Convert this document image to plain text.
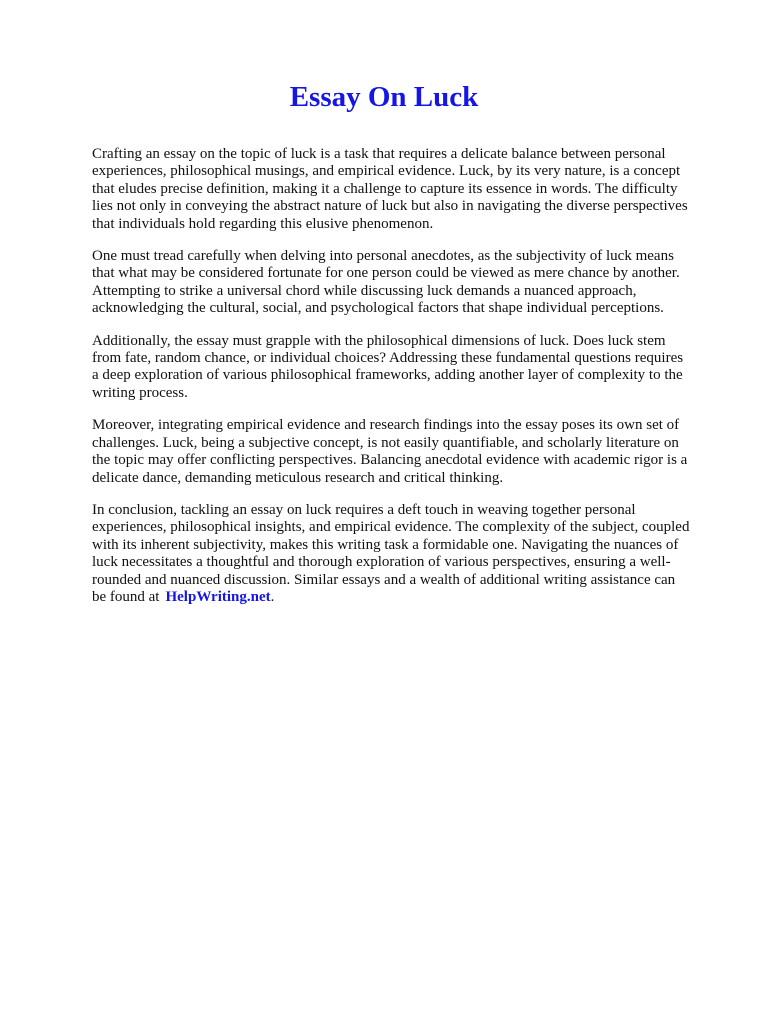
Essay On Luck

Crafting an essay on the topic of luck is a task that requires a delicate balance between personal experiences, philosophical musings, and empirical evidence. Luck, by its very nature, is a concept that eludes precise definition, making it a challenge to capture its essence in words. The difficulty lies not only in conveying the abstract nature of luck but also in navigating the diverse perspectives that individuals hold regarding this elusive phenomenon.

One must tread carefully when delving into personal anecdotes, as the subjectivity of luck means that what may be considered fortunate for one person could be viewed as mere chance by another. Attempting to strike a universal chord while discussing luck demands a nuanced approach, acknowledging the cultural, social, and psychological factors that shape individual perceptions.

Additionally, the essay must grapple with the philosophical dimensions of luck. Does luck stem from fate, random chance, or individual choices? Addressing these fundamental questions requires a deep exploration of various philosophical frameworks, adding another layer of complexity to the writing process.

Moreover, integrating empirical evidence and research findings into the essay poses its own set of challenges. Luck, being a subjective concept, is not easily quantifiable, and scholarly literature on the topic may offer conflicting perspectives. Balancing anecdotal evidence with academic rigor is a delicate dance, demanding meticulous research and critical thinking.

In conclusion, tackling an essay on luck requires a deft touch in weaving together personal experiences, philosophical insights, and empirical evidence. The complexity of the subject, coupled with its inherent subjectivity, makes this writing task a formidable one. Navigating the nuances of luck necessitates a thoughtful and thorough exploration of various perspectives, ensuring a well-rounded and nuanced discussion. Similar essays and a wealth of additional writing assistance can be found at HelpWriting.net.
